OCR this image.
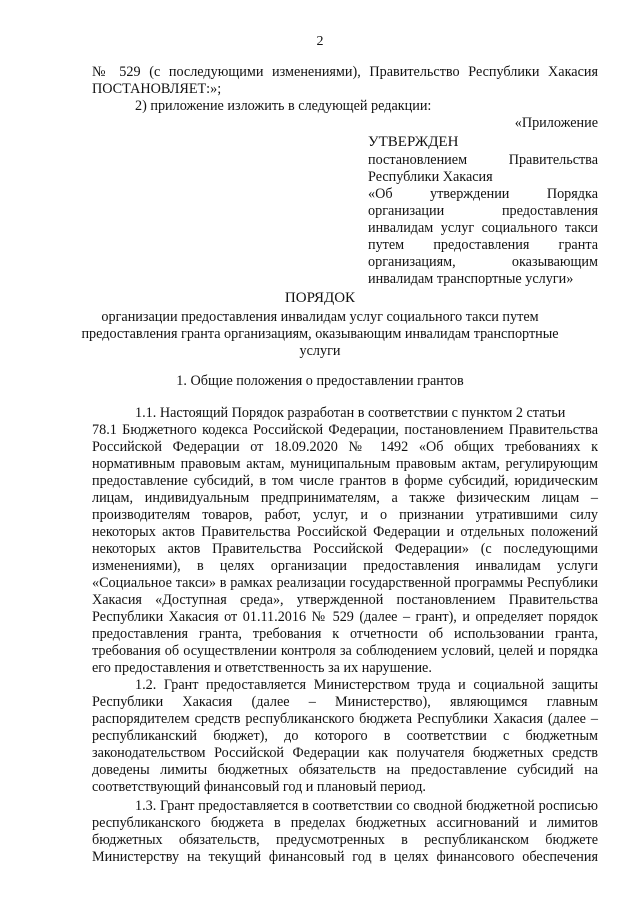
2
№ 529 (с последующими изменениями), Правительство Республики Хакасия
ПОСТАНОВЛЯЕТ:»;
2) приложение изложить в следующей редакции:
«Приложение
УТВЕРЖДЕН
постановлением Правительства
Республики Хакасия
«Об утверждении Порядка
организации предоставления
инвалидам услуг социального такси
путем предоставления гранта
организациям, оказывающим
инвалидам транспортные услуги»
ПОРЯДОК
организации предоставления инвалидам услуг социального такси путем
предоставления гранта организациям, оказывающим инвалидам транспортные
услуги
1. Общие положения о предоставлении грантов
1.1. Настоящий Порядок разработан в соответствии с пунктом 2 статьи
78.1 Бюджетного кодекса Российской Федерации, постановлением Правительства
Российской Федерации от 18.09.2020 № 1492 «Об общих требованиях к
нормативным правовым актам, муниципальным правовым актам, регулирующим
предоставление субсидий, в том числе грантов в форме субсидий, юридическим
лицам, индивидуальным предпринимателям, а также физическим лицам –
производителям товаров, работ, услуг, и о признании утратившими силу
некоторых актов Правительства Российской Федерации и отдельных положений
некоторых актов Правительства Российской Федерации» (с последующими
изменениями), в целях организации предоставления инвалидам услуги
«Социальное такси» в рамках реализации государственной программы Республики
Хакасия «Доступная среда», утвержденной постановлением Правительства
Республики Хакасия от 01.11.2016 № 529 (далее – грант), и определяет порядок
предоставления гранта, требования к отчетности об использовании гранта,
требования об осуществлении контроля за соблюдением условий, целей и порядка
его предоставления и ответственность за их нарушение.
1.2. Грант предоставляется Министерством труда и социальной защиты
Республики Хакасия (далее – Министерство), являющимся главным
распорядителем средств республиканского бюджета Республики Хакасия (далее –
республиканский бюджет), до которого в соответствии с бюджетным
законодательством Российской Федерации как получателя бюджетных средств
доведены лимиты бюджетных обязательств на предоставление субсидий на
соответствующий финансовый год и плановый период.
1.3. Грант предоставляется в соответствии со сводной бюджетной росписью
республиканского бюджета в пределах бюджетных ассигнований и лимитов
бюджетных обязательств, предусмотренных в республиканском бюджете
Министерству на текущий финансовый год в целях финансового обеспечения
